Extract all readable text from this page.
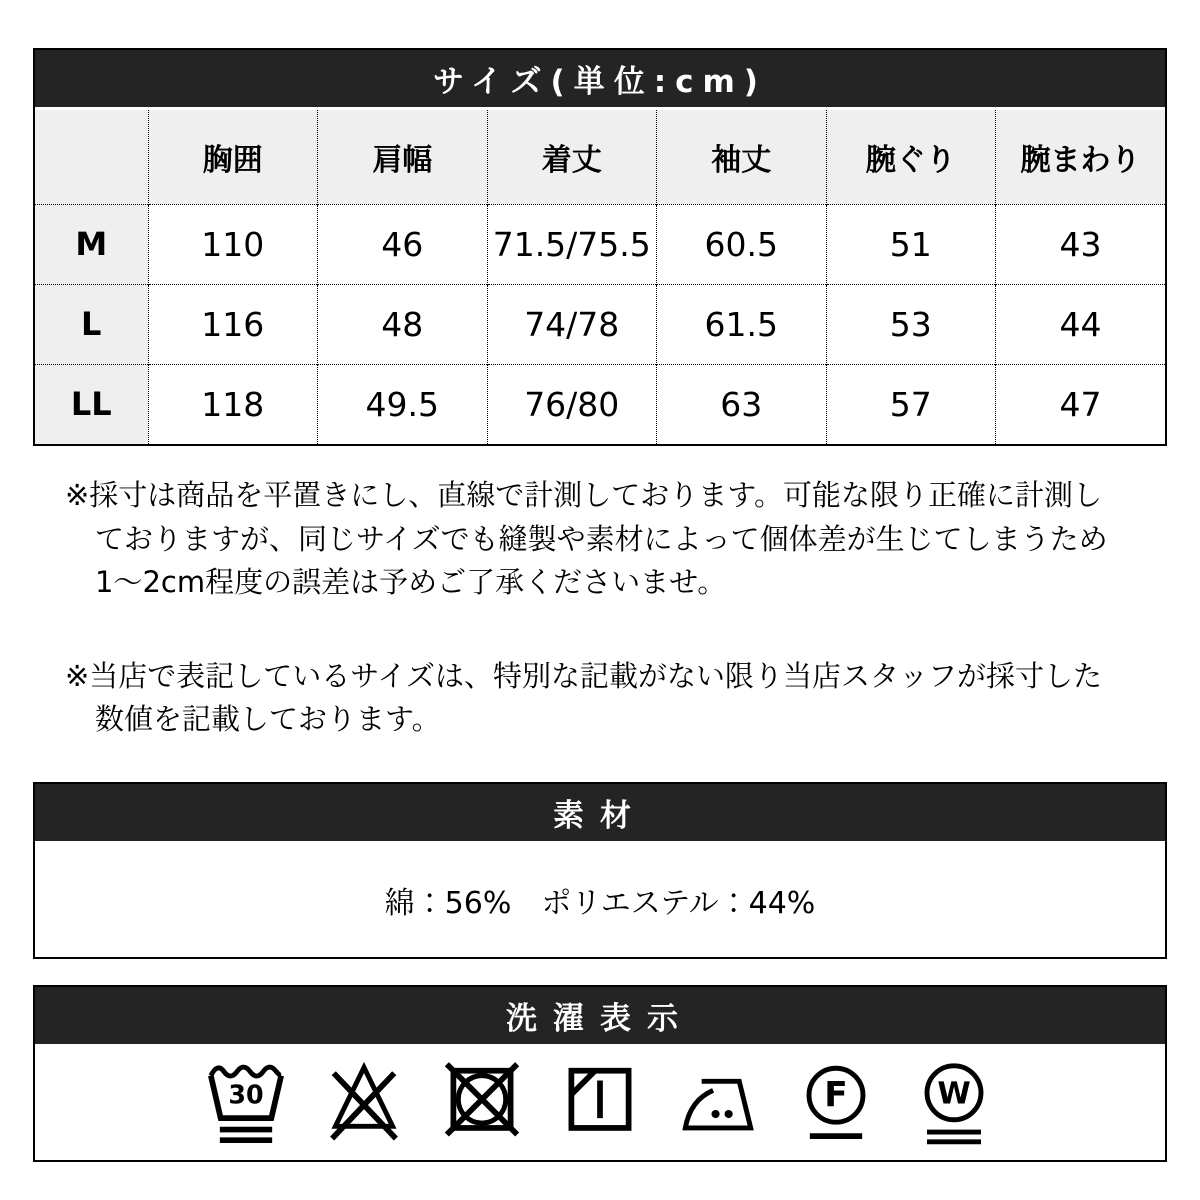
サイズ(単位:cm)
	胸囲	肩幅	着丈	袖丈	腕ぐり	腕まわり
M	110	46	71.5/75.5	60.5	51	43
L	116	48	74/78	61.5	53	44
LL	118	49.5	76/80	63	57	47
※採寸は商品を平置きにし、直線で計測しております。可能な限り正確に計測し
ておりますが、同じサイズでも縫製や素材によって個体差が生じてしまうため
1〜2cm程度の誤差は予めご了承くださいませ。
※当店で表記しているサイズは、特別な記載がない限り当店スタッフが採寸した
数値を記載しております。
素材
綿：56%　ポリエステル：44%
洗濯表示
30	F W
